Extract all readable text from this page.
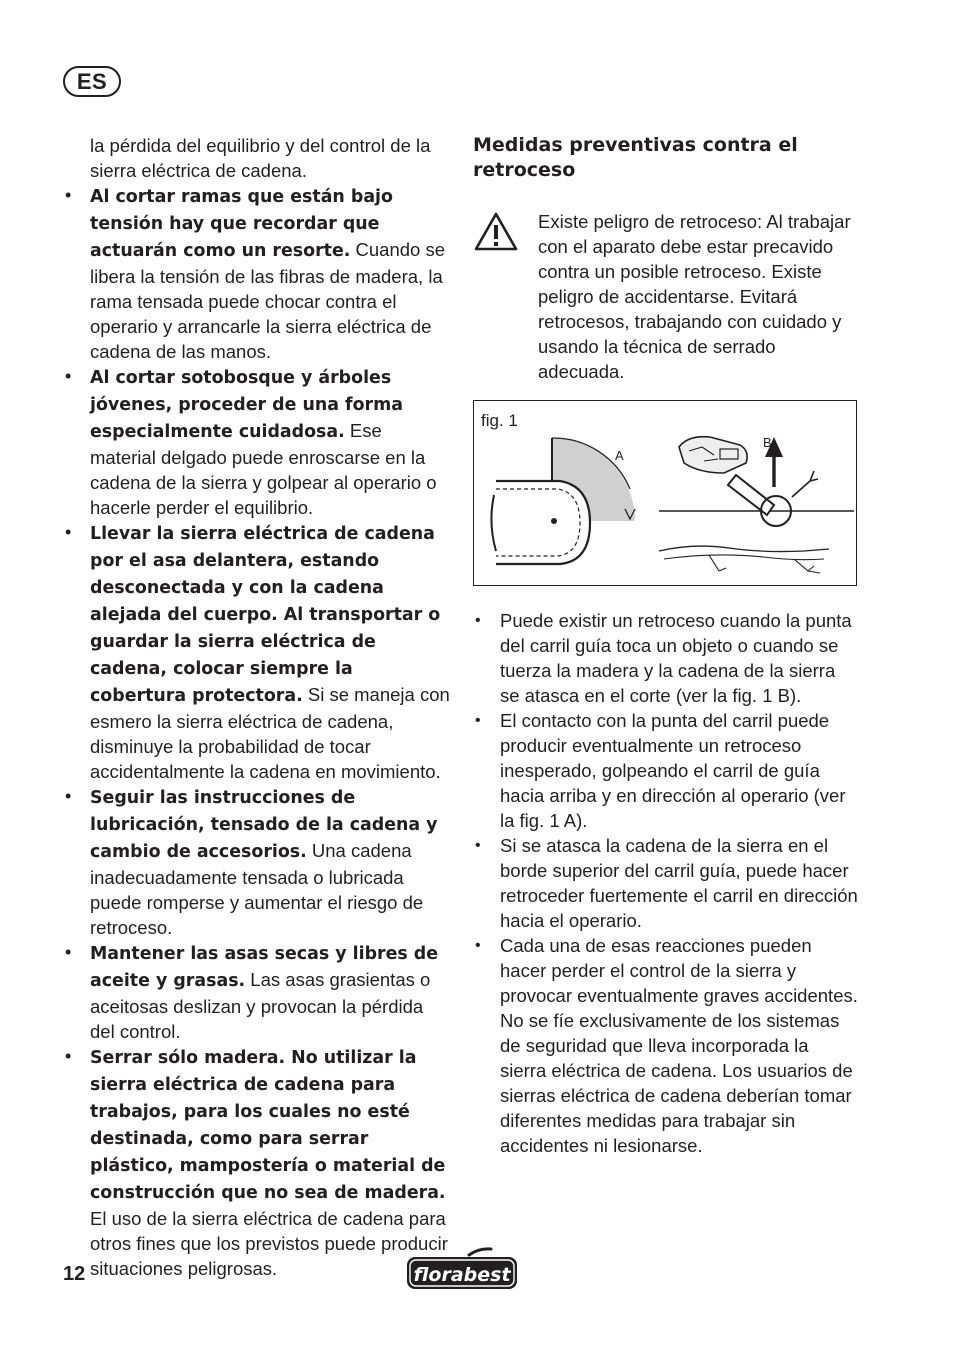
ES
la pérdida del equilibrio y del control de la sierra eléctrica de cadena.
• Al cortar ramas que están bajo tensión hay que recordar que actuarán como un resorte. Cuando se libera la tensión de las fibras de madera, la rama tensada puede chocar contra el operario y arrancarle la sierra eléctrica de cadena de las manos.
• Al cortar sotobosque y árboles jóvenes, proceder de una forma especialmente cuidadosa. Ese material delgado puede enroscarse en la cadena de la sierra y golpear al operario o hacerle perder el equilibrio.
• Llevar la sierra eléctrica de cadena por el asa delantera, estando desconectada y con la cadena alejada del cuerpo. Al transportar o guardar la sierra eléctrica de cadena, colocar siempre la cobertura protectora. Si se maneja con esmero la sierra eléctrica de cadena, disminuye la probabilidad de tocar accidentalmente la cadena en movimiento.
• Seguir las instrucciones de lubricación, tensado de la cadena y cambio de accesorios. Una cadena inadecuadamente tensada o lubricada puede romperse y aumentar el riesgo de retroceso.
• Mantener las asas secas y libres de aceite y grasas. Las asas grasientas o aceitosas deslizan y provocan la pérdida del control.
• Serrar sólo madera. No utilizar la sierra eléctrica de cadena para trabajos, para los cuales no esté destinada, como para serrar plástico, mampostería o material de construcción que no sea de madera. El uso de la sierra eléctrica de cadena para otros fines que los previstos puede producir situaciones peligrosas.
Medidas preventivas contra el retroceso
Existe peligro de retroceso: Al trabajar con el aparato debe estar precavido contra un posible retroceso. Existe peligro de accidentarse. Evitará retrocesos, trabajando con cuidado y usando la técnica de serrado adecuada.
fig. 1
A
B
• Puede existir un retroceso cuando la punta del carril guía toca un objeto o cuando se tuerza la madera y la cadena de la sierra se atasca en el corte (ver la fig. 1 B).
• El contacto con la punta del carril puede producir eventualmente un retroceso inesperado, golpeando el carril de guía hacia arriba y en dirección al operario (ver la fig. 1 A).
• Si se atasca la cadena de la sierra en el borde superior del carril guía, puede hacer retroceder fuertemente el carril en dirección hacia el operario.
• Cada una de esas reacciones pueden hacer perder el control de la sierra y provocar eventualmente graves accidentes. No se fíe exclusivamente de los sistemas de seguridad que lleva incorporada la sierra eléctrica de cadena. Los usuarios de sierras eléctrica de cadena deberían tomar diferentes medidas para trabajar sin accidentes ni lesionarse.
12	florabest
